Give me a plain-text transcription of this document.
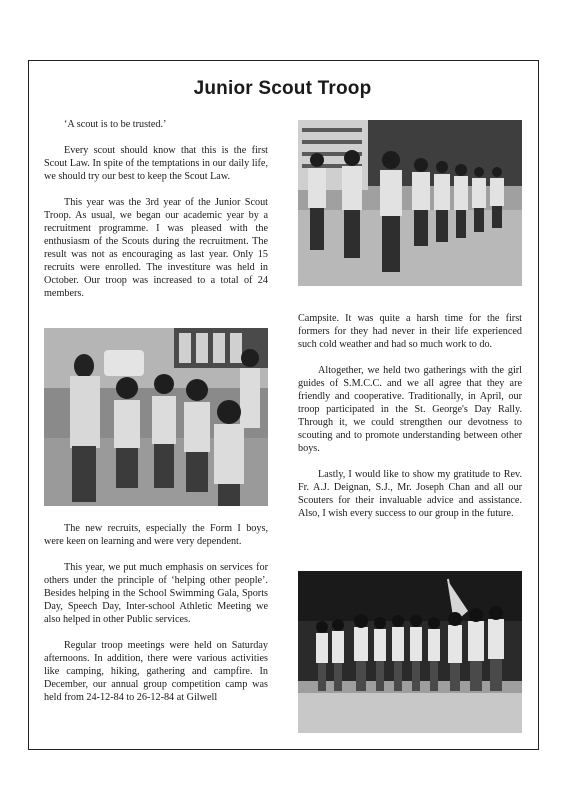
Junior Scout Troop

‘A scout is to be trusted.’

Every scout should know that this is the first Scout Law. In spite of the temptations in our daily life, we should try our best to keep the Scout Law.

This year was the 3rd year of the Junior Scout Troop. As usual, we began our academic year by a recruitment programme. I was pleased with the enthusiasm of the Scouts during the recruitment. The result was not as encouraging as last year. Only 15 recruits were enrolled. The investiture was held in October. Our troop was increased to a total of 24 members.

The new recruits, especially the Form I boys, were keen on learning and were very dependent.

This year, we put much emphasis on services for others under the principle of ‘helping other people’. Besides helping in the School Swimming Gala, Sports Day, Speech Day, Inter-school Athletic Meeting we also helped in other Public services.

Regular troop meetings were held on Saturday afternoons. In addition, there were various activities like camping, hiking, gathering and campfire. In December, our annual group competition camp was held from 24-12-84 to 26-12-84 at Gilwell

Campsite. It was quite a harsh time for the first formers for they had never in their life experienced such cold weather and had so much work to do.

Altogether, we held two gatherings with the girl guides of S.M.C.C. and we all agree that they are friendly and cooperative. Traditionally, in April, our troop participated in the St. George's Day Rally. Through it, we could strengthen our devotness to scouting and to promote understanding between other boys.

Lastly, I would like to show my gratitude to Rev. Fr. A.J. Deignan, S.J., Mr. Joseph Chan and all our Scouters for their invaluable advice and assistance. Also, I wish every success to our group in the future.
